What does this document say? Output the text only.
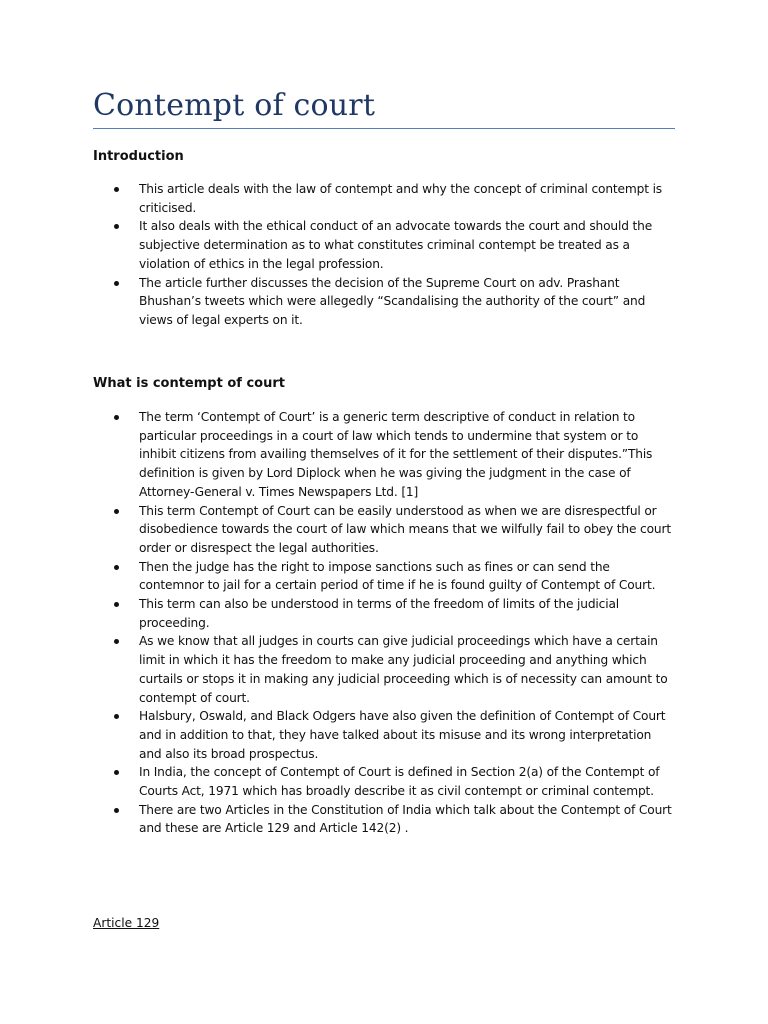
Contempt of court
Introduction
This article deals with the law of contempt and why the concept of criminal contempt is criticised.
It also deals with the ethical conduct of an advocate towards the court and should the subjective determination as to what constitutes criminal contempt be treated as a violation of ethics in the legal profession.
The article further discusses the decision of the Supreme Court on adv. Prashant Bhushan’s tweets which were allegedly “Scandalising the authority of the court” and views of legal experts on it.
What is contempt of court
The term ‘Contempt of Court’ is a generic term descriptive of conduct in relation to particular proceedings in a court of law which tends to undermine that system or to inhibit citizens from availing themselves of it for the settlement of their disputes.”This definition is given by Lord Diplock when he was giving the judgment in the case of Attorney-General v. Times Newspapers Ltd. [1]
This term Contempt of Court can be easily understood as when we are disrespectful or disobedience towards the court of law which means that we wilfully fail to obey the court order or disrespect the legal authorities.
Then the judge has the right to impose sanctions such as fines or can send the contemnor to jail for a certain period of time if he is found guilty of Contempt of Court.
This term can also be understood in terms of the freedom of limits of the judicial proceeding.
As we know that all judges in courts can give judicial proceedings which have a certain limit in which it has the freedom to make any judicial proceeding and anything which curtails or stops it in making any judicial proceeding which is of necessity can amount to contempt of court.
Halsbury, Oswald, and Black Odgers have also given the definition of Contempt of Court and in addition to that, they have talked about its misuse and its wrong interpretation and also its broad prospectus.
In India, the concept of Contempt of Court is defined in Section 2(a) of the Contempt of Courts Act, 1971 which has broadly describe it as civil contempt or criminal contempt.
There are two Articles in the Constitution of India which talk about the Contempt of Court and these are Article 129 and Article 142(2) .

Article 129
